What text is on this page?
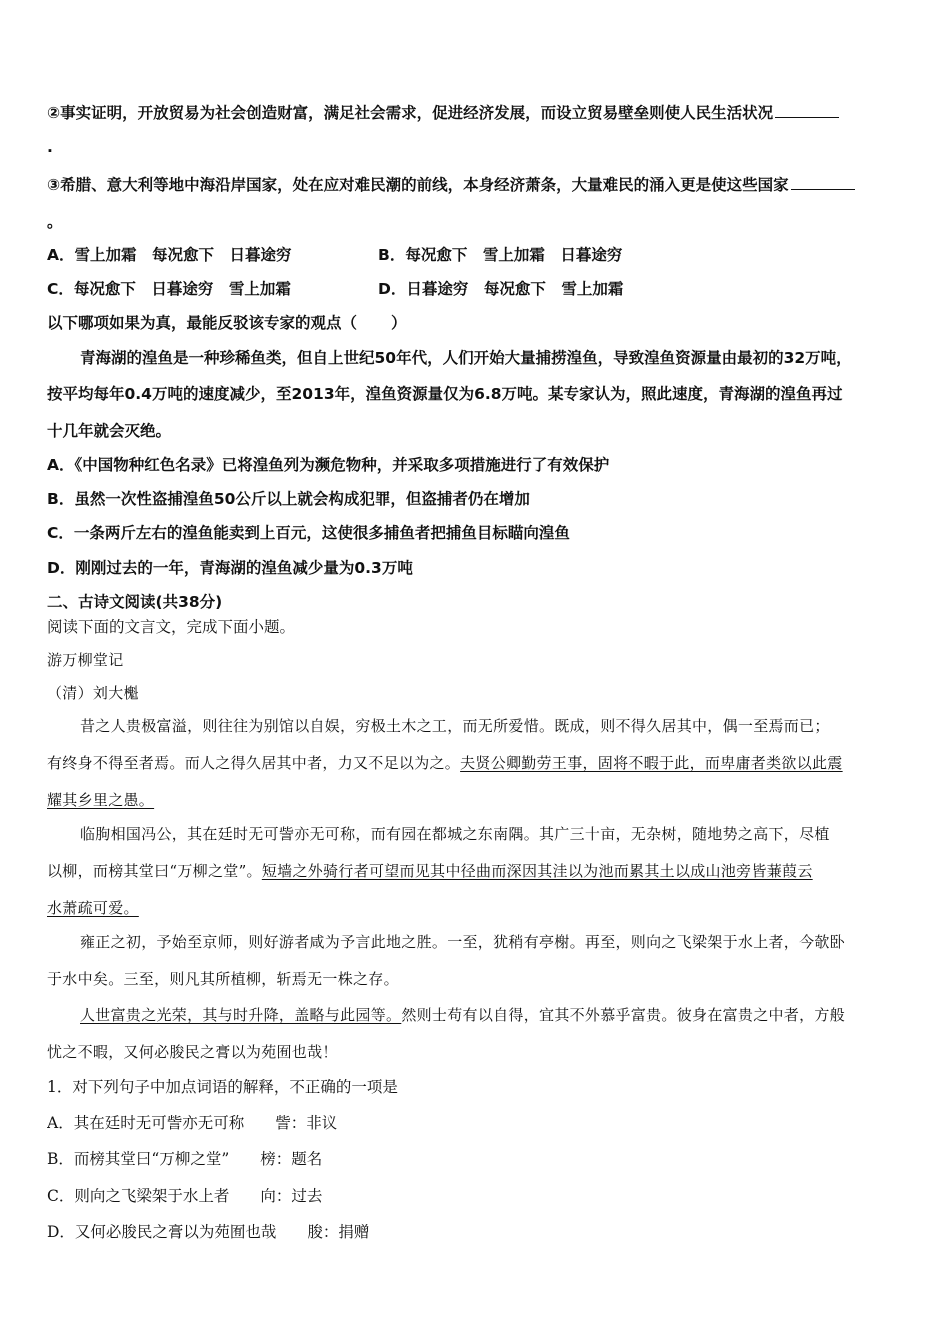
②事实证明，开放贸易为社会创造财富，满足社会需求，促进经济发展，而设立贸易壁垒则使人民生活状况
.
③希腊、意大利等地中海沿岸国家，处在应对难民潮的前线，本身经济萧条，大量难民的涌入更是使这些国家
。
A．雪上加霜　每况愈下　日暮途穷	B．每况愈下　雪上加霜　日暮途穷
C．每况愈下　日暮途穷　雪上加霜	D．日暮途穷　每况愈下　雪上加霜
以下哪项如果为真，最能反驳该专家的观点（ ）
青海湖的湟鱼是一种珍稀鱼类，但自上世纪50年代，人们开始大量捕捞湟鱼，导致湟鱼资源量由最初的32万吨，
按平均每年0.4万吨的速度减少，至2013年，湟鱼资源量仅为6.8万吨。某专家认为，照此速度，青海湖的湟鱼再过
十几年就会灭绝。
A．《中国物种红色名录》已将湟鱼列为濒危物种，并采取多项措施进行了有效保护
B．虽然一次性盗捕湟鱼50公斤以上就会构成犯罪，但盗捕者仍在增加
C．一条两斤左右的湟鱼能卖到上百元，这使很多捕鱼者把捕鱼目标瞄向湟鱼
D．刚刚过去的一年，青海湖的湟鱼减少量为0.3万吨
二、古诗文阅读(共38分)
阅读下面的文言文，完成下面小题。
游万柳堂记
（清）刘大櫆
昔之人贵极富溢，则往往为别馆以自娱，穷极土木之工，而无所爱惜。既成，则不得久居其中，偶一至焉而已；
有终身不得至者焉。而人之得久居其中者，力又不足以为之。夫贤公卿勤劳王事，固将不暇于此，而卑庸者类欲以此震
耀其乡里之愚。
临朐相国冯公，其在廷时无可訾亦无可称，而有园在都城之东南隅。其广三十亩，无杂树，随地势之高下，尽植
以柳，而榜其堂曰“万柳之堂”。短墙之外骑行者可望而见其中径曲而深因其洼以为池而累其土以成山池旁皆蒹葭云
水萧疏可爱。
雍正之初，予始至京师，则好游者咸为予言此地之胜。一至，犹稍有亭榭。再至，则向之飞梁架于水上者，今欹卧
于水中矣。三至，则凡其所植柳，斩焉无一株之存。
人世富贵之光荣，其与时升降，盖略与此园等。然则士苟有以自得，宜其不外慕乎富贵。彼身在富贵之中者，方般
忧之不暇，又何必朘民之膏以为苑囿也哉！
1．对下列句子中加点词语的解释，不正确的一项是
A．其在廷时无可訾亦无可称　　訾：非议
B．而榜其堂曰“万柳之堂”　　榜：题名
C．则向之飞梁架于水上者　　向：过去
D．又何必朘民之膏以为苑囿也哉　　朘：捐赠
